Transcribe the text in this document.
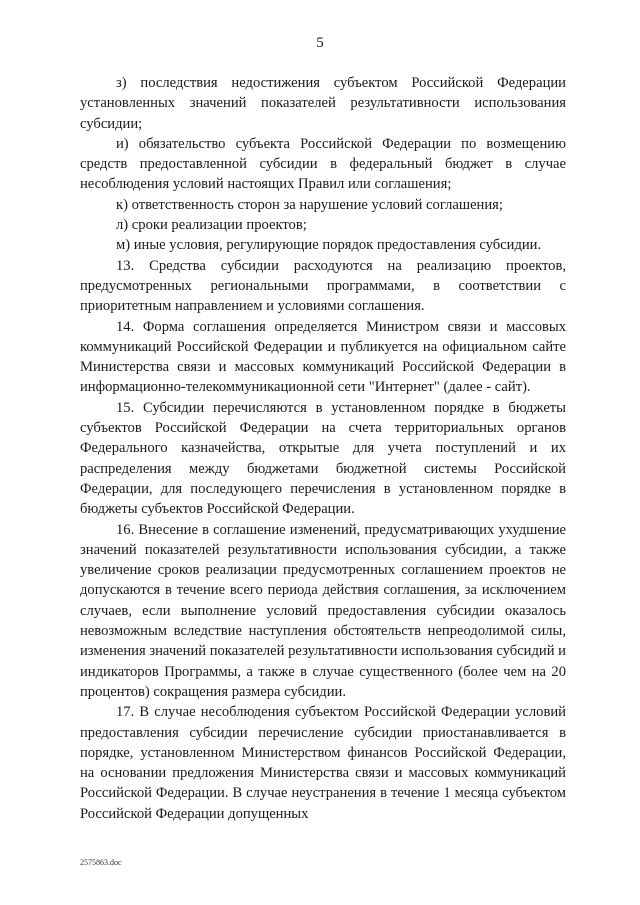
5

з) последствия недостижения субъектом Российской Федерации установленных значений показателей результативности использования субсидии;

и) обязательство субъекта Российской Федерации по возмещению средств предоставленной субсидии в федеральный бюджет в случае несоблюдения условий настоящих Правил или соглашения;

к) ответственность сторон за нарушение условий соглашения;

л) сроки реализации проектов;

м) иные условия, регулирующие порядок предоставления субсидии.

13. Средства субсидии расходуются на реализацию проектов, предусмотренных региональными программами, в соответствии с приоритетным направлением и условиями соглашения.

14. Форма соглашения определяется Министром связи и массовых коммуникаций Российской Федерации и публикуется на официальном сайте Министерства связи и массовых коммуникаций Российской Федерации в информационно-телекоммуникационной сети "Интернет" (далее - сайт).

15. Субсидии перечисляются в установленном порядке в бюджеты субъектов Российской Федерации на счета территориальных органов Федерального казначейства, открытые для учета поступлений и их распределения между бюджетами бюджетной системы Российской Федерации, для последующего перечисления в установленном порядке в бюджеты субъектов Российской Федерации.

16. Внесение в соглашение изменений, предусматривающих ухудшение значений показателей результативности использования субсидии, а также увеличение сроков реализации предусмотренных соглашением проектов не допускаются в течение всего периода действия соглашения, за исключением случаев, если выполнение условий предоставления субсидии оказалось невозможным вследствие наступления обстоятельств непреодолимой силы, изменения значений показателей результативности использования субсидий и индикаторов Программы, а также в случае существенного (более чем на 20 процентов) сокращения размера субсидии.

17. В случае несоблюдения субъектом Российской Федерации условий предоставления субсидии перечисление субсидии приостанавливается в порядке, установленном Министерством финансов Российской Федерации, на основании предложения Министерства связи и массовых коммуникаций Российской Федерации. В случае неустранения в течение 1 месяца субъектом Российской Федерации допущенных

2575863.doc
